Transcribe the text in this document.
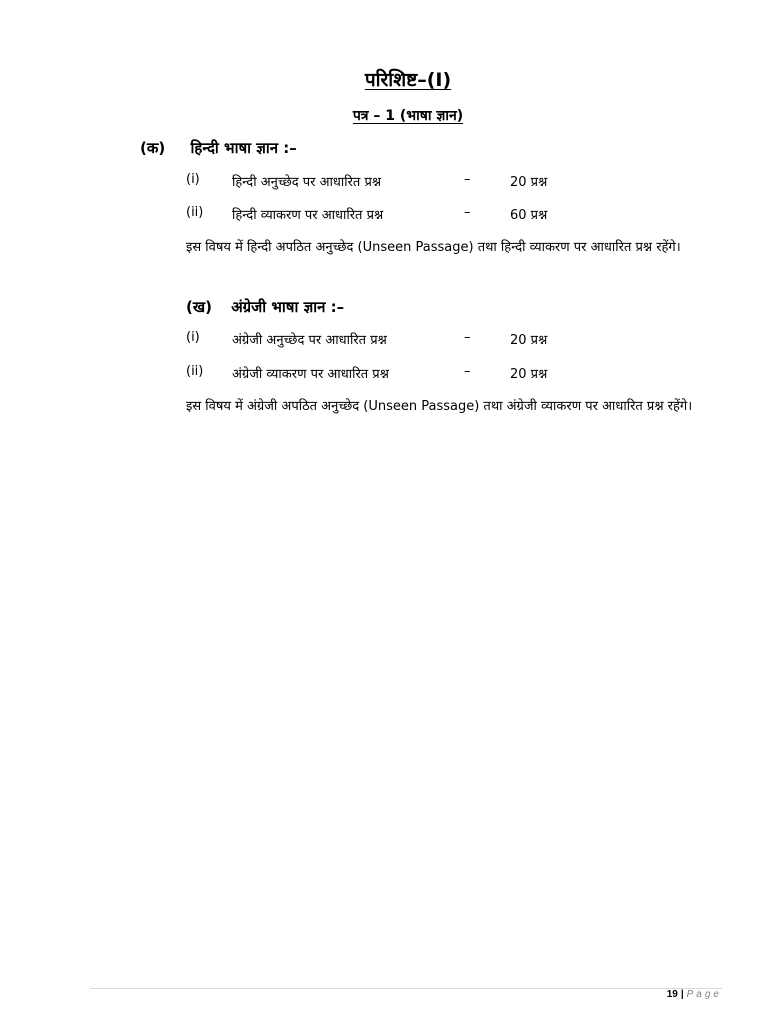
परिशिष्ट–(I)
पत्र – 1 (भाषा ज्ञान)
(क) हिन्दी भाषा ज्ञान :–
(i) हिन्दी अनुच्छेद पर आधारित प्रश्न	–	20 प्रश्न
(ii) हिन्दी व्याकरण पर आधारित प्रश्न	–	60 प्रश्न
इस विषय में हिन्दी अपठित अनुच्छेद (Unseen Passage) तथा हिन्दी व्याकरण पर आधारित प्रश्न रहेंगे।
(ख) अंग्रेजी भाषा ज्ञान :–
(i) अंग्रेजी अनुच्छेद पर आधारित प्रश्न	–	20 प्रश्न
(ii) अंग्रेजी व्याकरण पर आधारित प्रश्न	–	20 प्रश्न
इस विषय में अंग्रेजी अपठित अनुच्छेद (Unseen Passage) तथा अंग्रेजी व्याकरण पर आधारित प्रश्न रहेंगे।
19 | Page
